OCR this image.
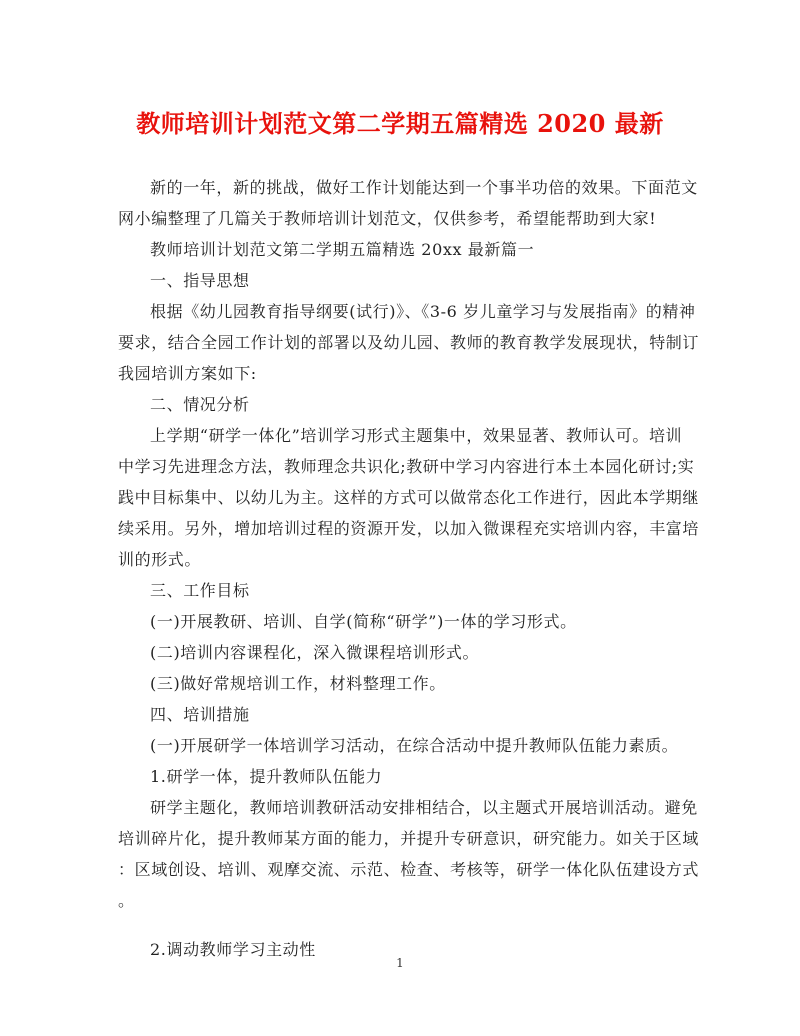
教师培训计划范文第二学期五篇精选 2020 最新
新的一年，新的挑战，做好工作计划能达到一个事半功倍的效果。下面范文
网小编整理了几篇关于教师培训计划范文，仅供参考，希望能帮助到大家!
教师培训计划范文第二学期五篇精选 20xx 最新篇一
一、指导思想
根据《幼儿园教育指导纲要(试行)》、《3-6 岁儿童学习与发展指南》的精神
要求，结合全园工作计划的部署以及幼儿园、教师的教育教学发展现状，特制订
我园培训方案如下:
二、情况分析
上学期“研学一体化”培训学习形式主题集中，效果显著、教师认可。培训
中学习先进理念方法，教师理念共识化;教研中学习内容进行本土本园化研讨;实
践中目标集中、以幼儿为主。这样的方式可以做常态化工作进行，因此本学期继
续采用。另外，增加培训过程的资源开发，以加入微课程充实培训内容，丰富培
训的形式。
三、工作目标
(一)开展教研、培训、自学(简称“研学”)一体的学习形式。
(二)培训内容课程化，深入微课程培训形式。
(三)做好常规培训工作，材料整理工作。
四、培训措施
(一)开展研学一体培训学习活动，在综合活动中提升教师队伍能力素质。
1.研学一体，提升教师队伍能力
研学主题化，教师培训教研活动安排相结合，以主题式开展培训活动。避免
培训碎片化，提升教师某方面的能力，并提升专研意识，研究能力。如关于区域
：区域创设、培训、观摩交流、示范、检查、考核等，研学一体化队伍建设方式
。
2.调动教师学习主动性
1
